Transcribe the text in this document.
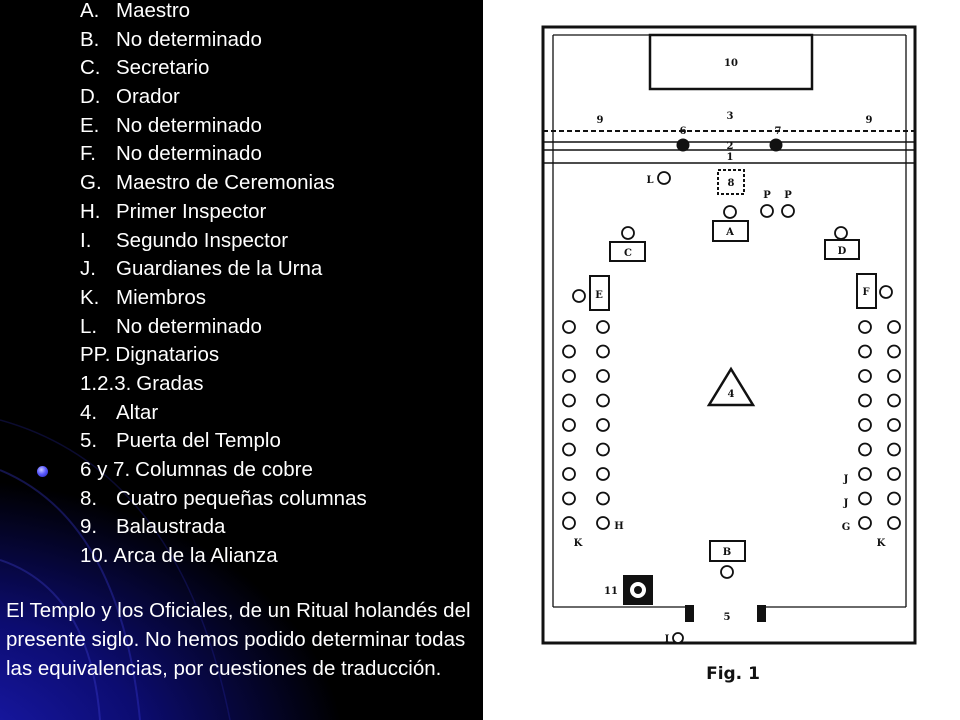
A. Maestro
B. No determinado
C. Secretario
D. Orador
E. No determinado
F. No determinado
G. Maestro de Ceremonias
H. Primer Inspector
I. Segundo Inspector
J. Guardianes de la Urna
K. Miembros
L. No determinado
PP. Dignatarios
1.2.3. Gradas
4. Altar
5. Puerta del Templo
6 y 7. Columnas de cobre
8. Cuatro pequeñas columnas
9. Balaustrada
10. Arca de la Alianza

El Templo y los Oficiales, de un Ritual holandés del presente siglo. No hemos podido determinar todas las equivalencias, por cuestiones de traducción.

10
3
9	9
2
1
6	7
L	8
P P
A
C	D
E	F
4
H
K
J
J
G
K
B
11
5
I
Fig. 1
